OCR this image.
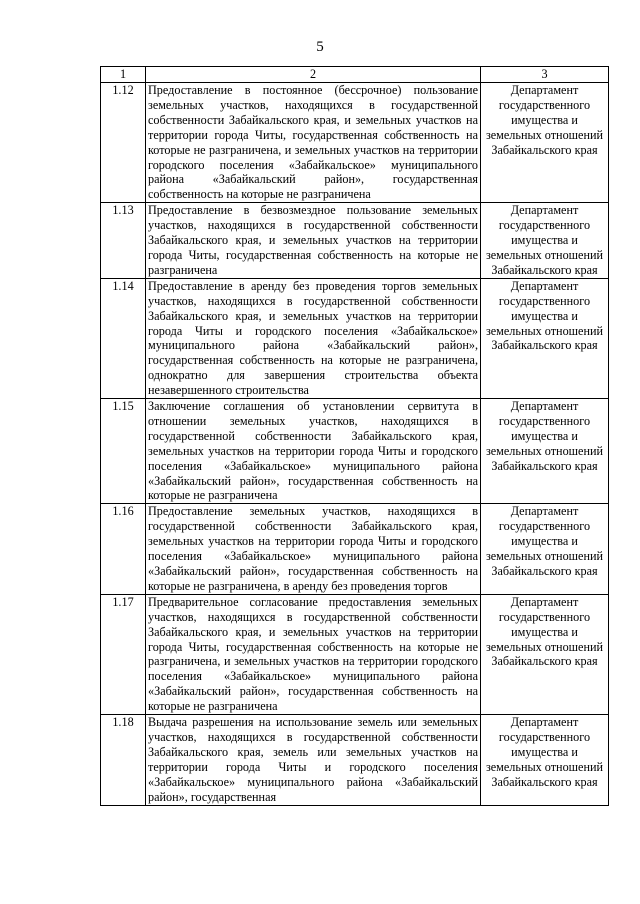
5
1	2	3
1.12	Предоставление в постоянное (бессрочное) пользование земельных участков, находящихся в государственной собственности Забайкальского края, и земельных участков на территории города Читы, государственная собственность на которые не разграничена, и земельных участков на территории городского поселения «Забайкальское» муниципального района «Забайкальский район», государственная собственность на которые не разграничена	Департамент государственного имущества и земельных отношений Забайкальского края
1.13	Предоставление в безвозмездное пользование земельных участков, находящихся в государственной собственности Забайкальского края, и земельных участков на территории города Читы, государственная собственность на которые не разграничена	Департамент государственного имущества и земельных отношений Забайкальского края
1.14	Предоставление в аренду без проведения торгов земельных участков, находящихся в государственной собственности Забайкальского края, и земельных участков на территории города Читы и городского поселения «Забайкальское» муниципального района «Забайкальский район», государственная собственность на которые не разграничена, однократно для завершения строительства объекта незавершенного строительства	Департамент государственного имущества и земельных отношений Забайкальского края
1.15	Заключение соглашения об установлении сервитута в отношении земельных участков, находящихся в государственной собственности Забайкальского края, земельных участков на территории города Читы и городского поселения «Забайкальское» муниципального района «Забайкальский район», государственная собственность на которые не разграничена	Департамент государственного имущества и земельных отношений Забайкальского края
1.16	Предоставление земельных участков, находящихся в государственной собственности Забайкальского края, земельных участков на территории города Читы и городского поселения «Забайкальское» муниципального района «Забайкальский район», государственная собственность на которые не разграничена, в аренду без проведения торгов	Департамент государственного имущества и земельных отношений Забайкальского края
1.17	Предварительное согласование предоставления земельных участков, находящихся в государственной собственности Забайкальского края, и земельных участков на территории города Читы, государственная собственность на которые не разграничена, и земельных участков на территории городского поселения «Забайкальское» муниципального района «Забайкальский район», государственная собственность на которые не разграничена	Департамент государственного имущества и земельных отношений Забайкальского края
1.18	Выдача разрешения на использование земель или земельных участков, находящихся в государственной собственности Забайкальского края, земель или земельных участков на территории города Читы и городского поселения «Забайкальское» муниципального района «Забайкальский район», государственная	Департамент государственного имущества и земельных отношений Забайкальского края
